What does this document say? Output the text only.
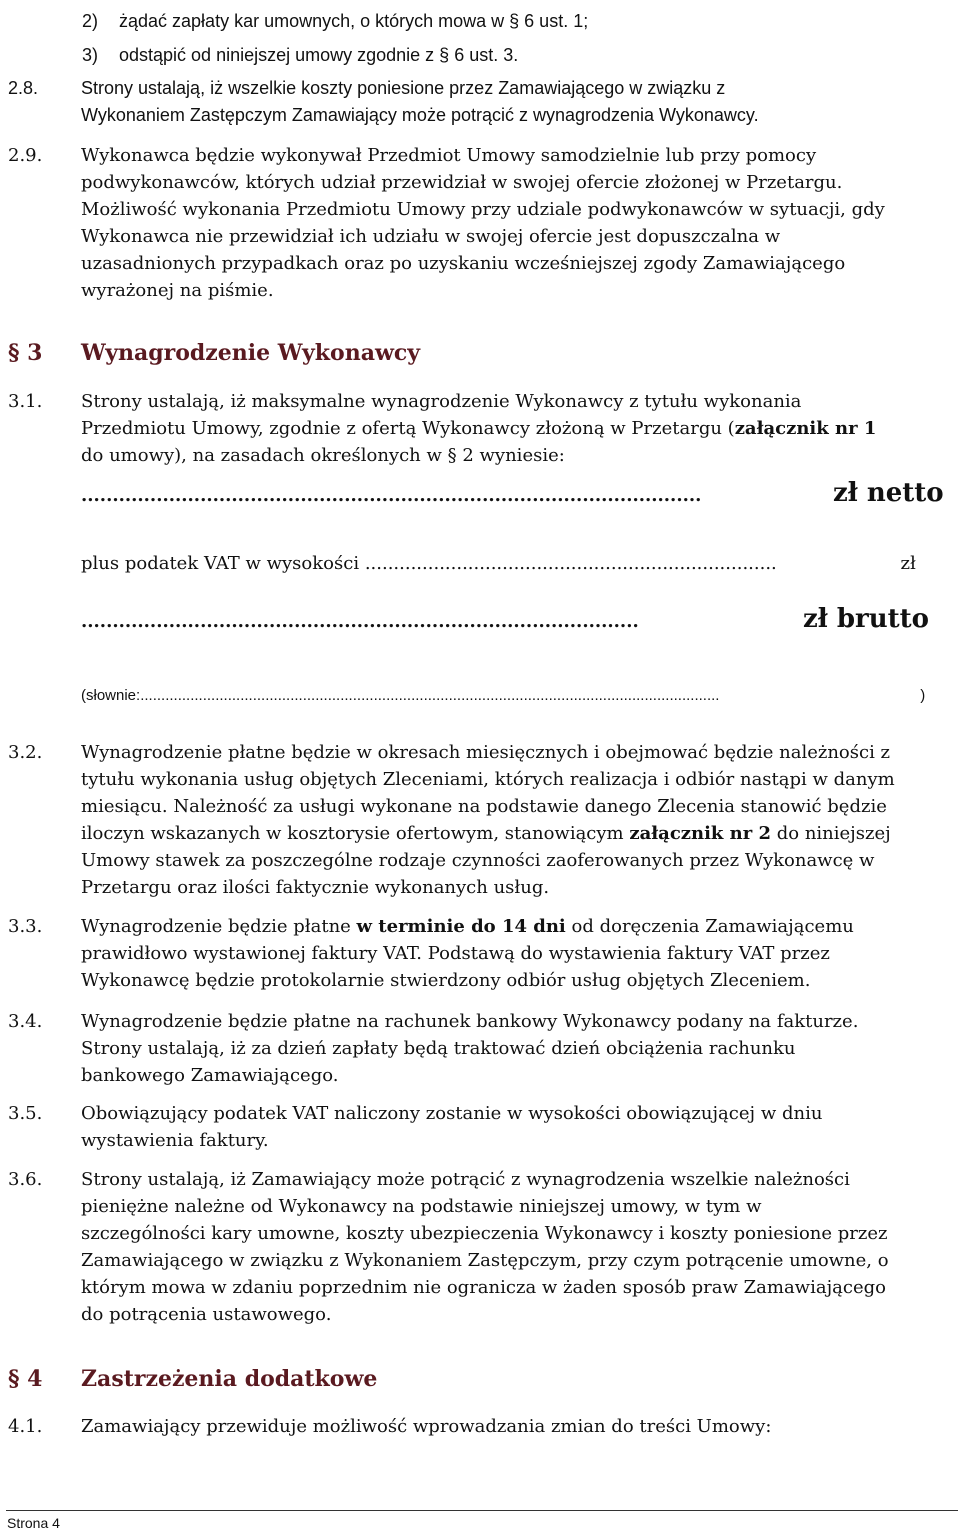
2) żądać zapłaty kar umownych, o których mowa w § 6 ust. 1;
3) odstąpić od niniejszej umowy zgodnie z § 6 ust. 3.
2.8. Strony ustalają, iż wszelkie koszty poniesione przez Zamawiającego w związku z
Wykonaniem Zastępczym Zamawiający może potrącić z wynagrodzenia Wykonawcy.
2.9. Wykonawca będzie wykonywał Przedmiot Umowy samodzielnie lub przy pomocy
podwykonawców, których udział przewidział w swojej ofercie złożonej w Przetargu.
Możliwość wykonania Przedmiotu Umowy przy udziale podwykonawców w sytuacji, gdy
Wykonawca nie przewidział ich udziału w swojej ofercie jest dopuszczalna w
uzasadnionych przypadkach oraz po uzyskaniu wcześniejszej zgody Zamawiającego
wyrażonej na piśmie.
§ 3 Wynagrodzenie Wykonawcy
3.1. Strony ustalają, iż maksymalne wynagrodzenie Wykonawcy z tytułu wykonania
Przedmiotu Umowy, zgodnie z ofertą Wykonawcy złożoną w Przetargu (załącznik nr 1
do umowy), na zasadach określonych w § 2 wyniesie:
...................................................................................................	zł netto
plus podatek VAT w wysokości ........................................................................	zł
.........................................................................................	zł brutto
(słownie:...........................................................................................................................................	)
3.2. Wynagrodzenie płatne będzie w okresach miesięcznych i obejmować będzie należności z
tytułu wykonania usług objętych Zleceniami, których realizacja i odbiór nastąpi w danym
miesiącu. Należność za usługi wykonane na podstawie danego Zlecenia stanowić będzie
iloczyn wskazanych w kosztorysie ofertowym, stanowiącym załącznik nr 2 do niniejszej
Umowy stawek za poszczególne rodzaje czynności zaoferowanych przez Wykonawcę w
Przetargu oraz ilości faktycznie wykonanych usług.
3.3. Wynagrodzenie będzie płatne w terminie do 14 dni od doręczenia Zamawiającemu
prawidłowo wystawionej faktury VAT. Podstawą do wystawienia faktury VAT przez
Wykonawcę będzie protokolarnie stwierdzony odbiór usług objętych Zleceniem.
3.4. Wynagrodzenie będzie płatne na rachunek bankowy Wykonawcy podany na fakturze.
Strony ustalają, iż za dzień zapłaty będą traktować dzień obciążenia rachunku
bankowego Zamawiającego.
3.5. Obowiązujący podatek VAT naliczony zostanie w wysokości obowiązującej w dniu
wystawienia faktury.
3.6. Strony ustalają, iż Zamawiający może potrącić z wynagrodzenia wszelkie należności
pieniężne należne od Wykonawcy na podstawie niniejszej umowy, w tym w
szczególności kary umowne, koszty ubezpieczenia Wykonawcy i koszty poniesione przez
Zamawiającego w związku z Wykonaniem Zastępczym, przy czym potrącenie umowne, o
którym mowa w zdaniu poprzednim nie ogranicza w żaden sposób praw Zamawiającego
do potrącenia ustawowego.
§ 4 Zastrzeżenia dodatkowe
4.1. Zamawiający przewiduje możliwość wprowadzania zmian do treści Umowy:
Strona 4
